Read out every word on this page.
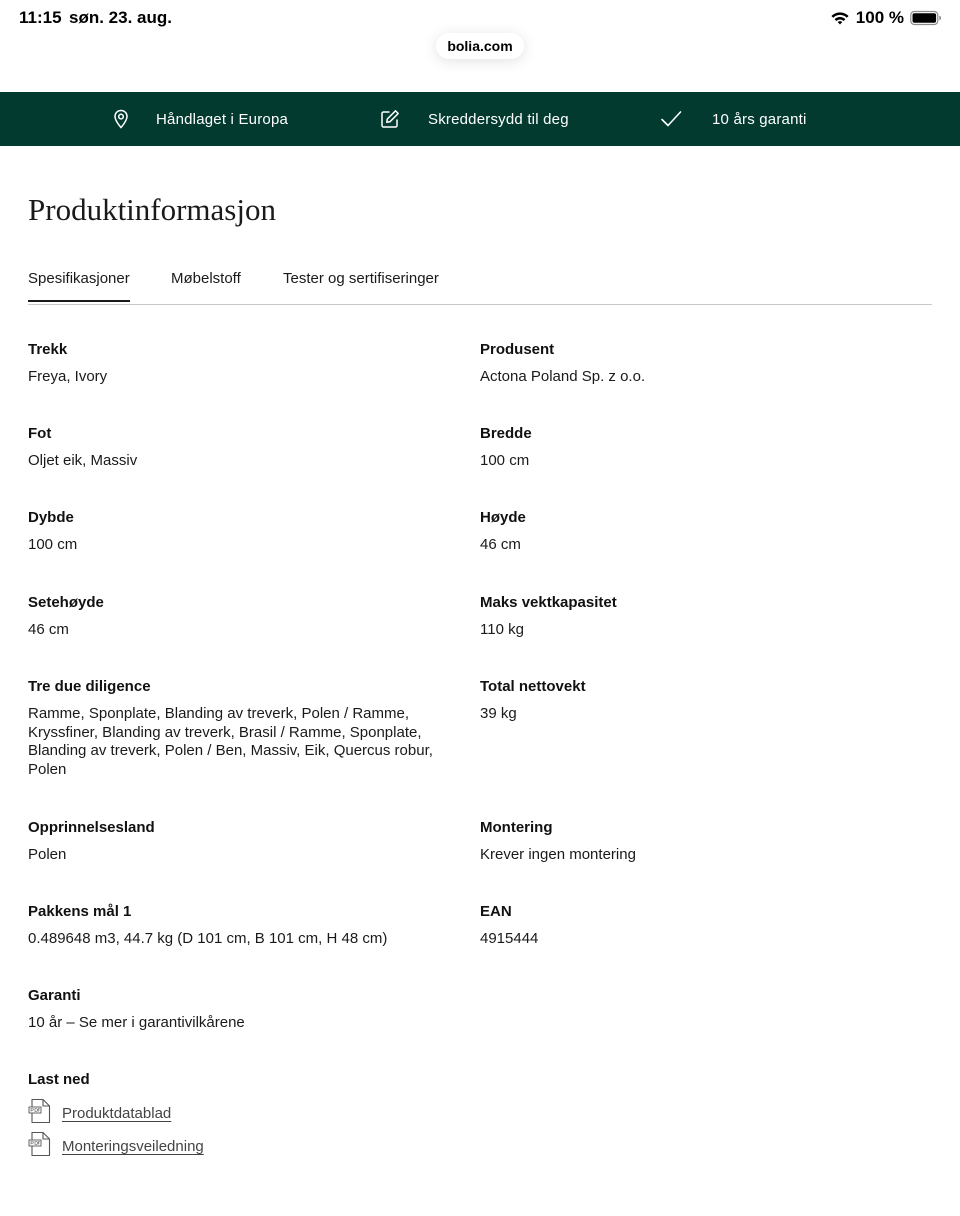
11:15 søn. 23. aug.	100 %
bolia.com
Håndlaget i Europa	Skreddersydd til deg	10 års garanti
Produktinformasjon
Spesifikasjoner	Møbelstoff	Tester og sertifiseringer
Trekk
Freya, Ivory
Produsent
Actona Poland Sp. z o.o.
Fot
Oljet eik, Massiv
Bredde
100 cm
Dybde
100 cm
Høyde
46 cm
Setehøyde
46 cm
Maks vektkapasitet
110 kg
Tre due diligence
Ramme, Sponplate, Blanding av treverk, Polen / Ramme, Kryssfiner, Blanding av treverk, Brasil / Ramme, Sponplate, Blanding av treverk, Polen / Ben, Massiv, Eik, Quercus robur, Polen
Total nettovekt
39 kg
Opprinnelsesland
Polen
Montering
Krever ingen montering
Pakkens mål 1
0.489648 m3, 44.7 kg (D 101 cm, B 101 cm, H 48 cm)
EAN
4915444
Garanti
10 år – Se mer i garantivilkårene
Last ned
Produktdatablad
Monteringsveiledning
